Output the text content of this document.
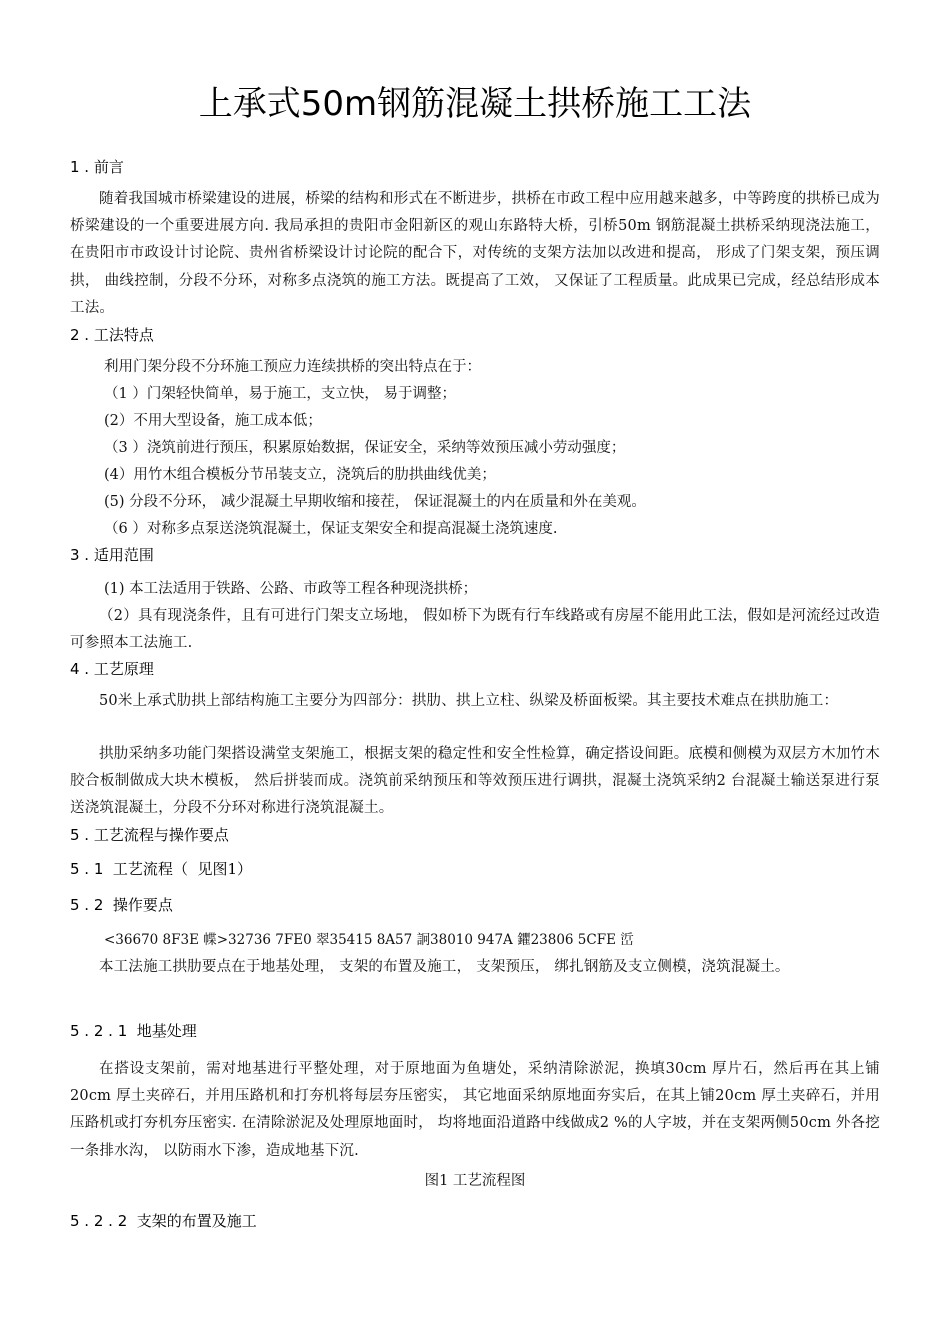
上承式50m钢筋混凝土拱桥施工工法
1 . 前言

随着我国城市桥梁建设的进展，桥梁的结构和形式在不断进步，拱桥在市政工程中应用越来越多，中等跨度的拱桥已成为桥梁建设的一个重要进展方向. 我局承担的贵阳市金阳新区的观山东路特大桥，引桥50m 钢筋混凝土拱桥采纳现浇法施工，在贵阳市市政设计讨论院、贵州省桥梁设计讨论院的配合下，对传统的支架方法加以改进和提高， 形成了门架支架，预压调拱， 曲线控制，分段不分环，对称多点浇筑的施工方法。既提高了工效， 又保证了工程质量。此成果已完成，经总结形成本工法。

2 . 工法特点
利用门架分段不分环施工预应力连续拱桥的突出特点在于：
（1 ）门架轻快简单，易于施工，支立快， 易于调整；
(2）不用大型设备，施工成本低；
（3 ）浇筑前进行预压，积累原始数据，保证安全，采纳等效预压减小劳动强度；
(4）用竹木组合模板分节吊装支立，浇筑后的肋拱曲线优美；
(5) 分段不分环， 减少混凝土早期收缩和接茬， 保证混凝土的内在质量和外在美观。
（6 ）对称多点泵送浇筑混凝土，保证支架安全和提高混凝土浇筑速度.
3 . 适用范围
(1) 本工法适用于铁路、公路、市政等工程各种现浇拱桥；

（2）具有现浇条件，且有可进行门架支立场地， 假如桥下为既有行车线路或有房屋不能用此工法，假如是河流经过改造可参照本工法施工.

4 . 工艺原理

50米上承式肋拱上部结构施工主要分为四部分：拱肋、拱上立柱、纵梁及桥面板梁。其主要技术难点在拱肋施工：

拱肋采纳多功能门架搭设满堂支架施工，根据支架的稳定性和安全性检算，确定搭设间距。底模和侧模为双层方木加竹木胶合板制做成大块木模板， 然后拼装而成。浇筑前采纳预压和等效预压进行调拱，混凝土浇筑采纳2 台混凝土输送泵进行泵送浇筑混凝土，分段不分环对称进行浇筑混凝土。

5 . 工艺流程与操作要点
5 . 1  工艺流程（  见图1）
5 . 2  操作要点
<36670 8F3E 幉>32736 7FE0 翠35415 8A57 詗38010 947A 鑺23806 5CFE 峾

本工法施工拱肋要点在于地基处理， 支架的布置及施工， 支架预压， 绑扎钢筋及支立侧模，浇筑混凝土。

5 . 2 . 1  地基处理

在搭设支架前，需对地基进行平整处理，对于原地面为鱼塘处，采纳清除淤泥，换填30cm 厚片石，然后再在其上铺20cm 厚土夹碎石，并用压路机和打夯机将每层夯压密实， 其它地面采纳原地面夯实后，在其上铺20cm 厚土夹碎石，并用压路机或打夯机夯压密实. 在清除淤泥及处理原地面时， 均将地面沿道路中线做成2 %的人字坡，并在支架两侧50cm 外各挖一条排水沟， 以防雨水下渗，造成地基下沉.

图1 工艺流程图
5 . 2 . 2  支架的布置及施工
